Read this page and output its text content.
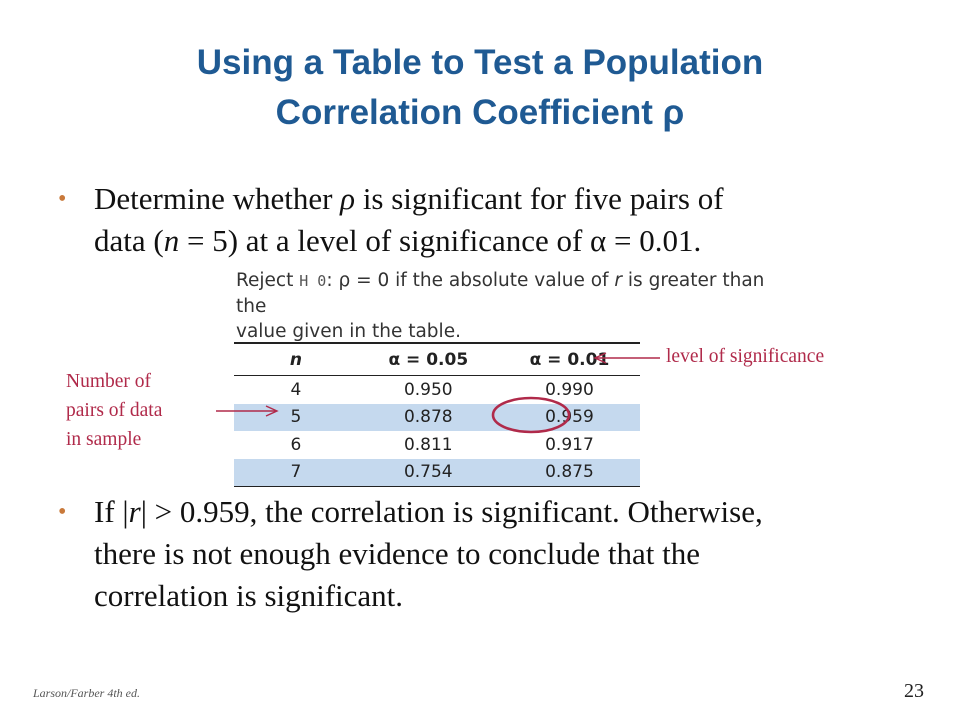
Using a Table to Test a Population
Correlation Coefficient ρ
• Determine whether ρ is significant for five pairs of
data (n = 5) at a level of significance of α = 0.01.
Reject H 0: ρ = 0 if the absolute value of r is greater than the
value given in the table.
n	α = 0.05	α = 0.01
4	0.950	0.990
5	0.878	0.959
6	0.811	0.917
7	0.754	0.875
Number of
pairs of data
in sample
level of significance
• If |r| > 0.959, the correlation is significant. Otherwise,
there is not enough evidence to conclude that the
correlation is significant.
Larson/Farber 4th ed.	23
